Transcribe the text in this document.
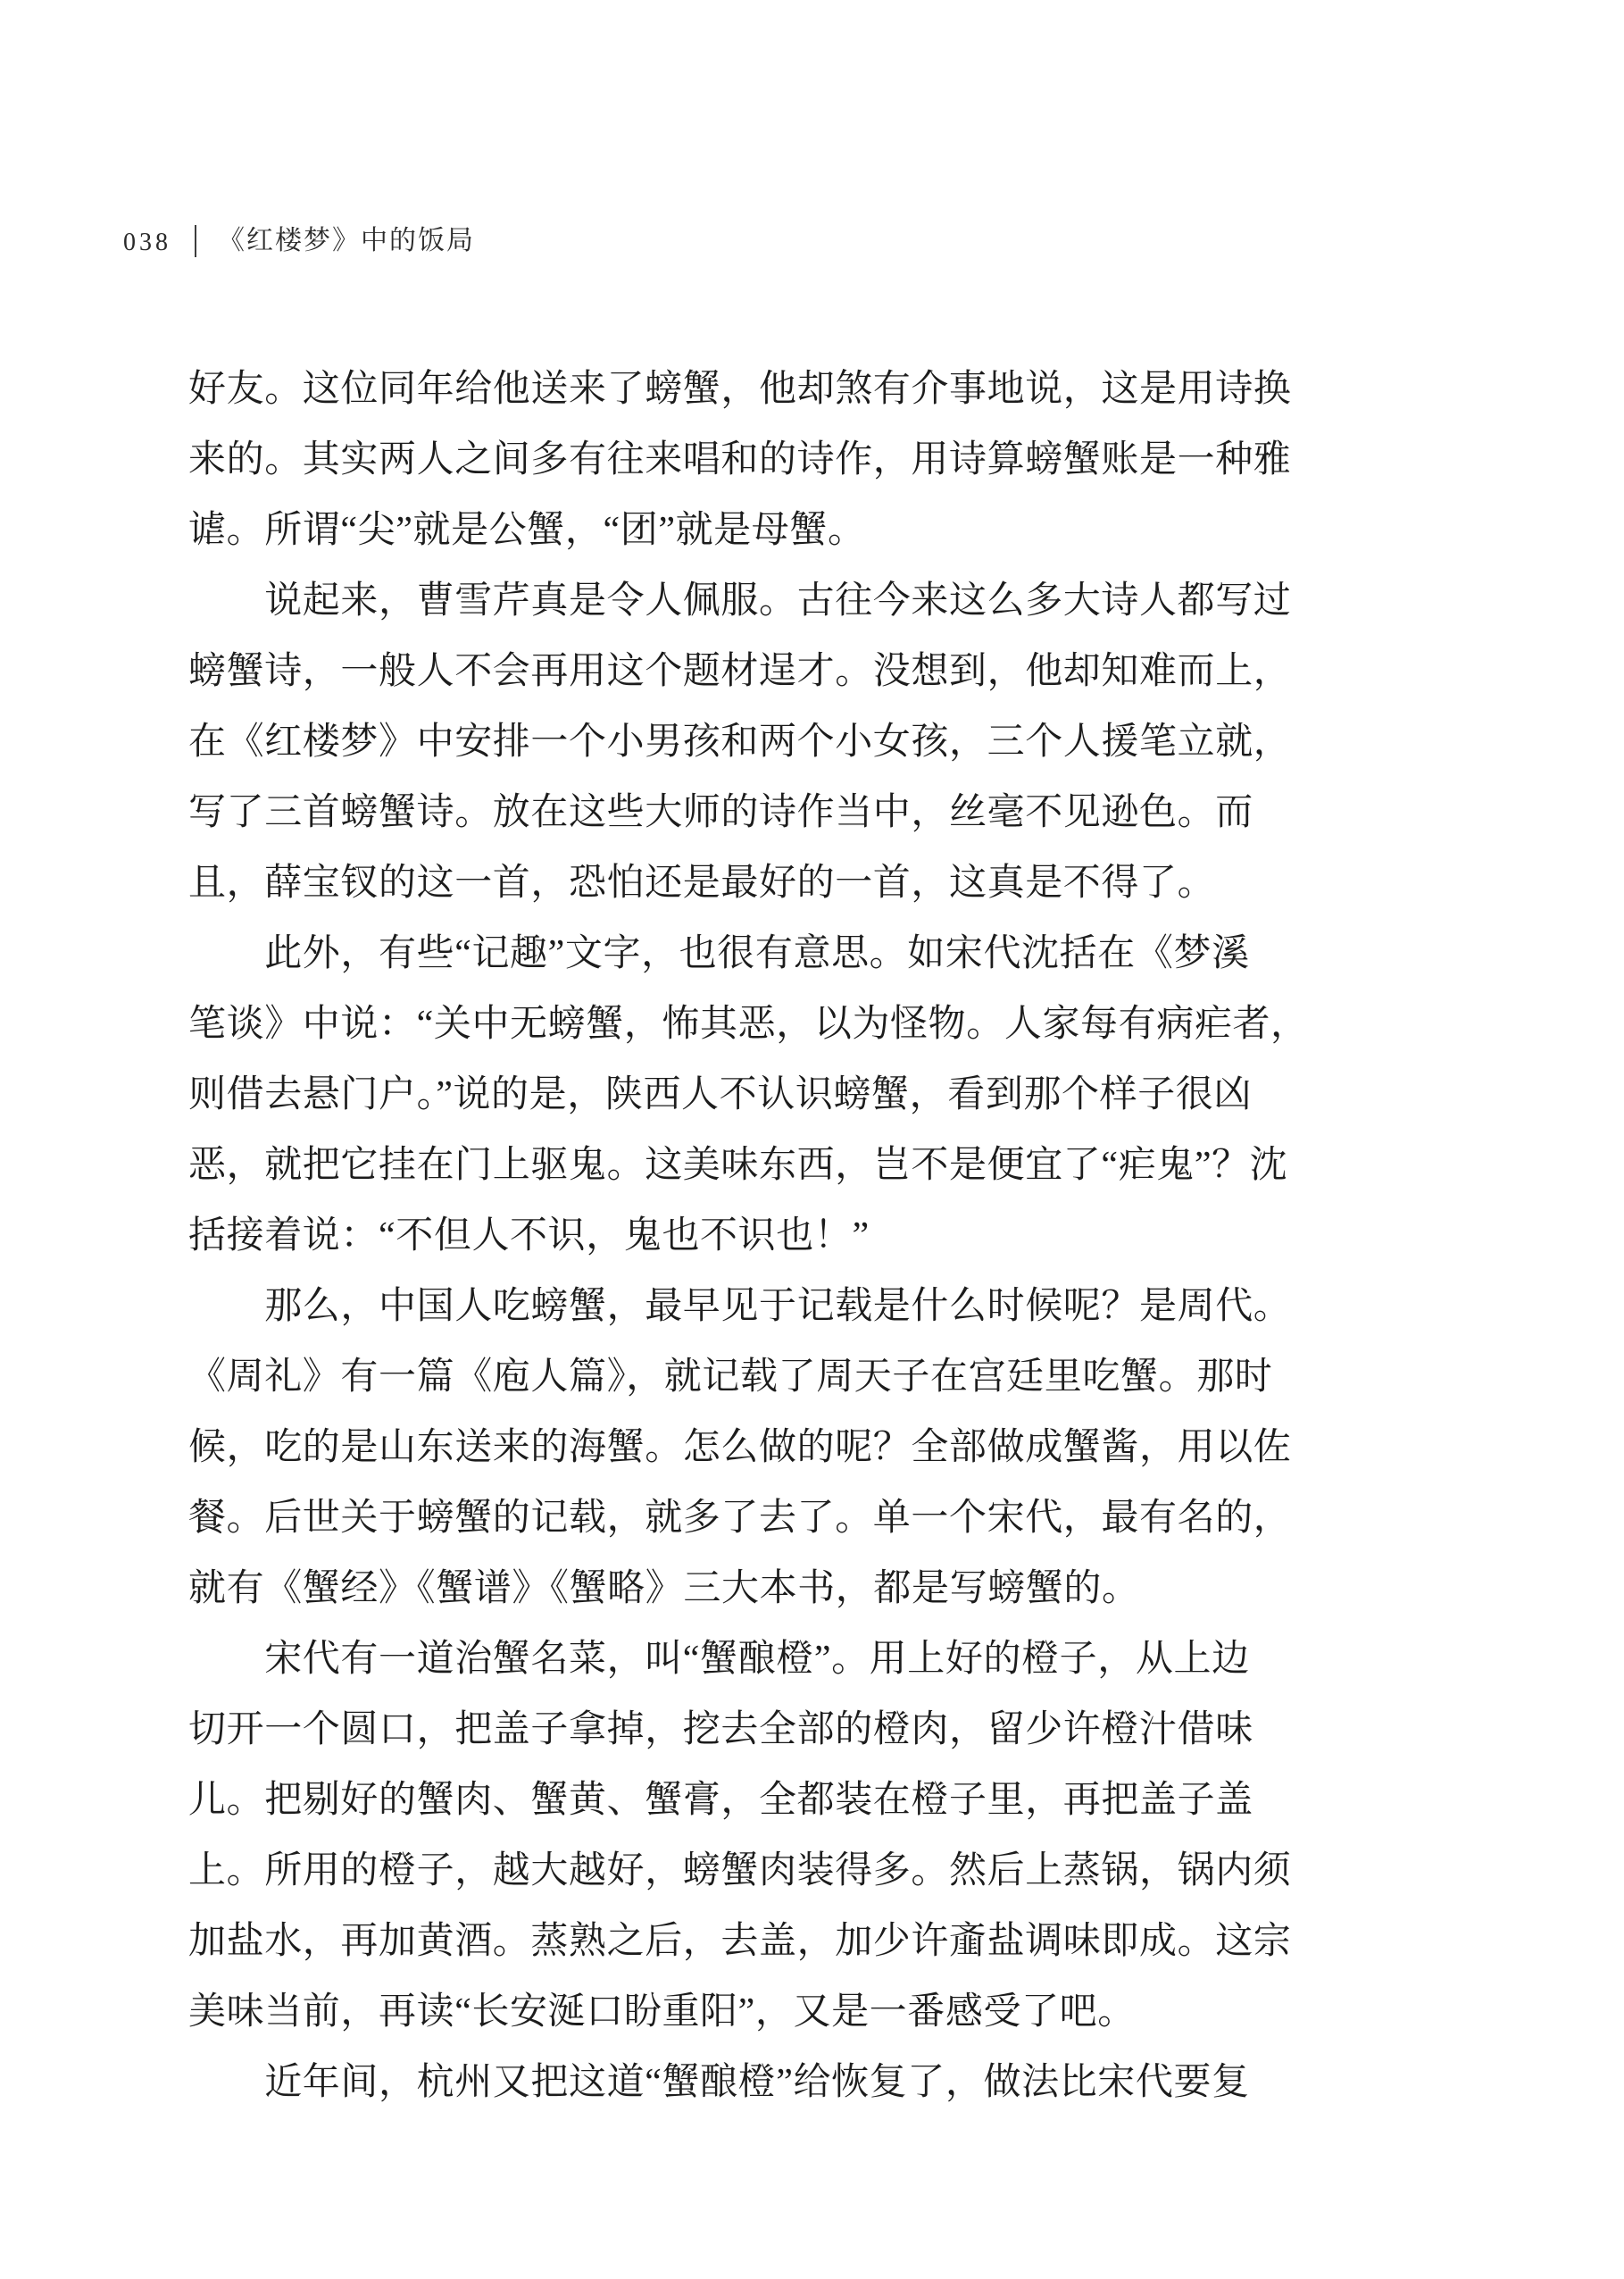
038 《红楼梦》中的饭局
好友。这位同年给他送来了螃蟹，他却煞有介事地说，这是用诗换
来的。其实两人之间多有往来唱和的诗作，用诗算螃蟹账是一种雅
谑。所谓“尖”就是公蟹，“团”就是母蟹。
　　说起来，曹雪芹真是令人佩服。古往今来这么多大诗人都写过
螃蟹诗，一般人不会再用这个题材逞才。没想到，他却知难而上，
在《红楼梦》中安排一个小男孩和两个小女孩，三个人援笔立就，
写了三首螃蟹诗。放在这些大师的诗作当中，丝毫不见逊色。而
且，薛宝钗的这一首，恐怕还是最好的一首，这真是不得了。
　　此外，有些“记趣”文字，也很有意思。如宋代沈括在《梦溪
笔谈》中说：“关中无螃蟹，怖其恶，以为怪物。人家每有病疟者，
则借去悬门户。”说的是，陕西人不认识螃蟹，看到那个样子很凶
恶，就把它挂在门上驱鬼。这美味东西，岂不是便宜了“疟鬼”？沈
括接着说：“不但人不识，鬼也不识也！”
　　那么，中国人吃螃蟹，最早见于记载是什么时候呢？是周代。
《周礼》有一篇《庖人篇》，就记载了周天子在宫廷里吃蟹。那时
候，吃的是山东送来的海蟹。怎么做的呢？全部做成蟹酱，用以佐
餐。后世关于螃蟹的记载，就多了去了。单一个宋代，最有名的，
就有《蟹经》《蟹谱》《蟹略》三大本书，都是写螃蟹的。
　　宋代有一道治蟹名菜，叫“蟹酿橙”。用上好的橙子，从上边
切开一个圆口，把盖子拿掉，挖去全部的橙肉，留少许橙汁借味
儿。把剔好的蟹肉、蟹黄、蟹膏，全都装在橙子里，再把盖子盖
上。所用的橙子，越大越好，螃蟹肉装得多。然后上蒸锅，锅内须
加盐水，再加黄酒。蒸熟之后，去盖，加少许齑盐调味即成。这宗
美味当前，再读“长安涎口盼重阳”，又是一番感受了吧。
　　近年间，杭州又把这道“蟹酿橙”给恢复了，做法比宋代要复
